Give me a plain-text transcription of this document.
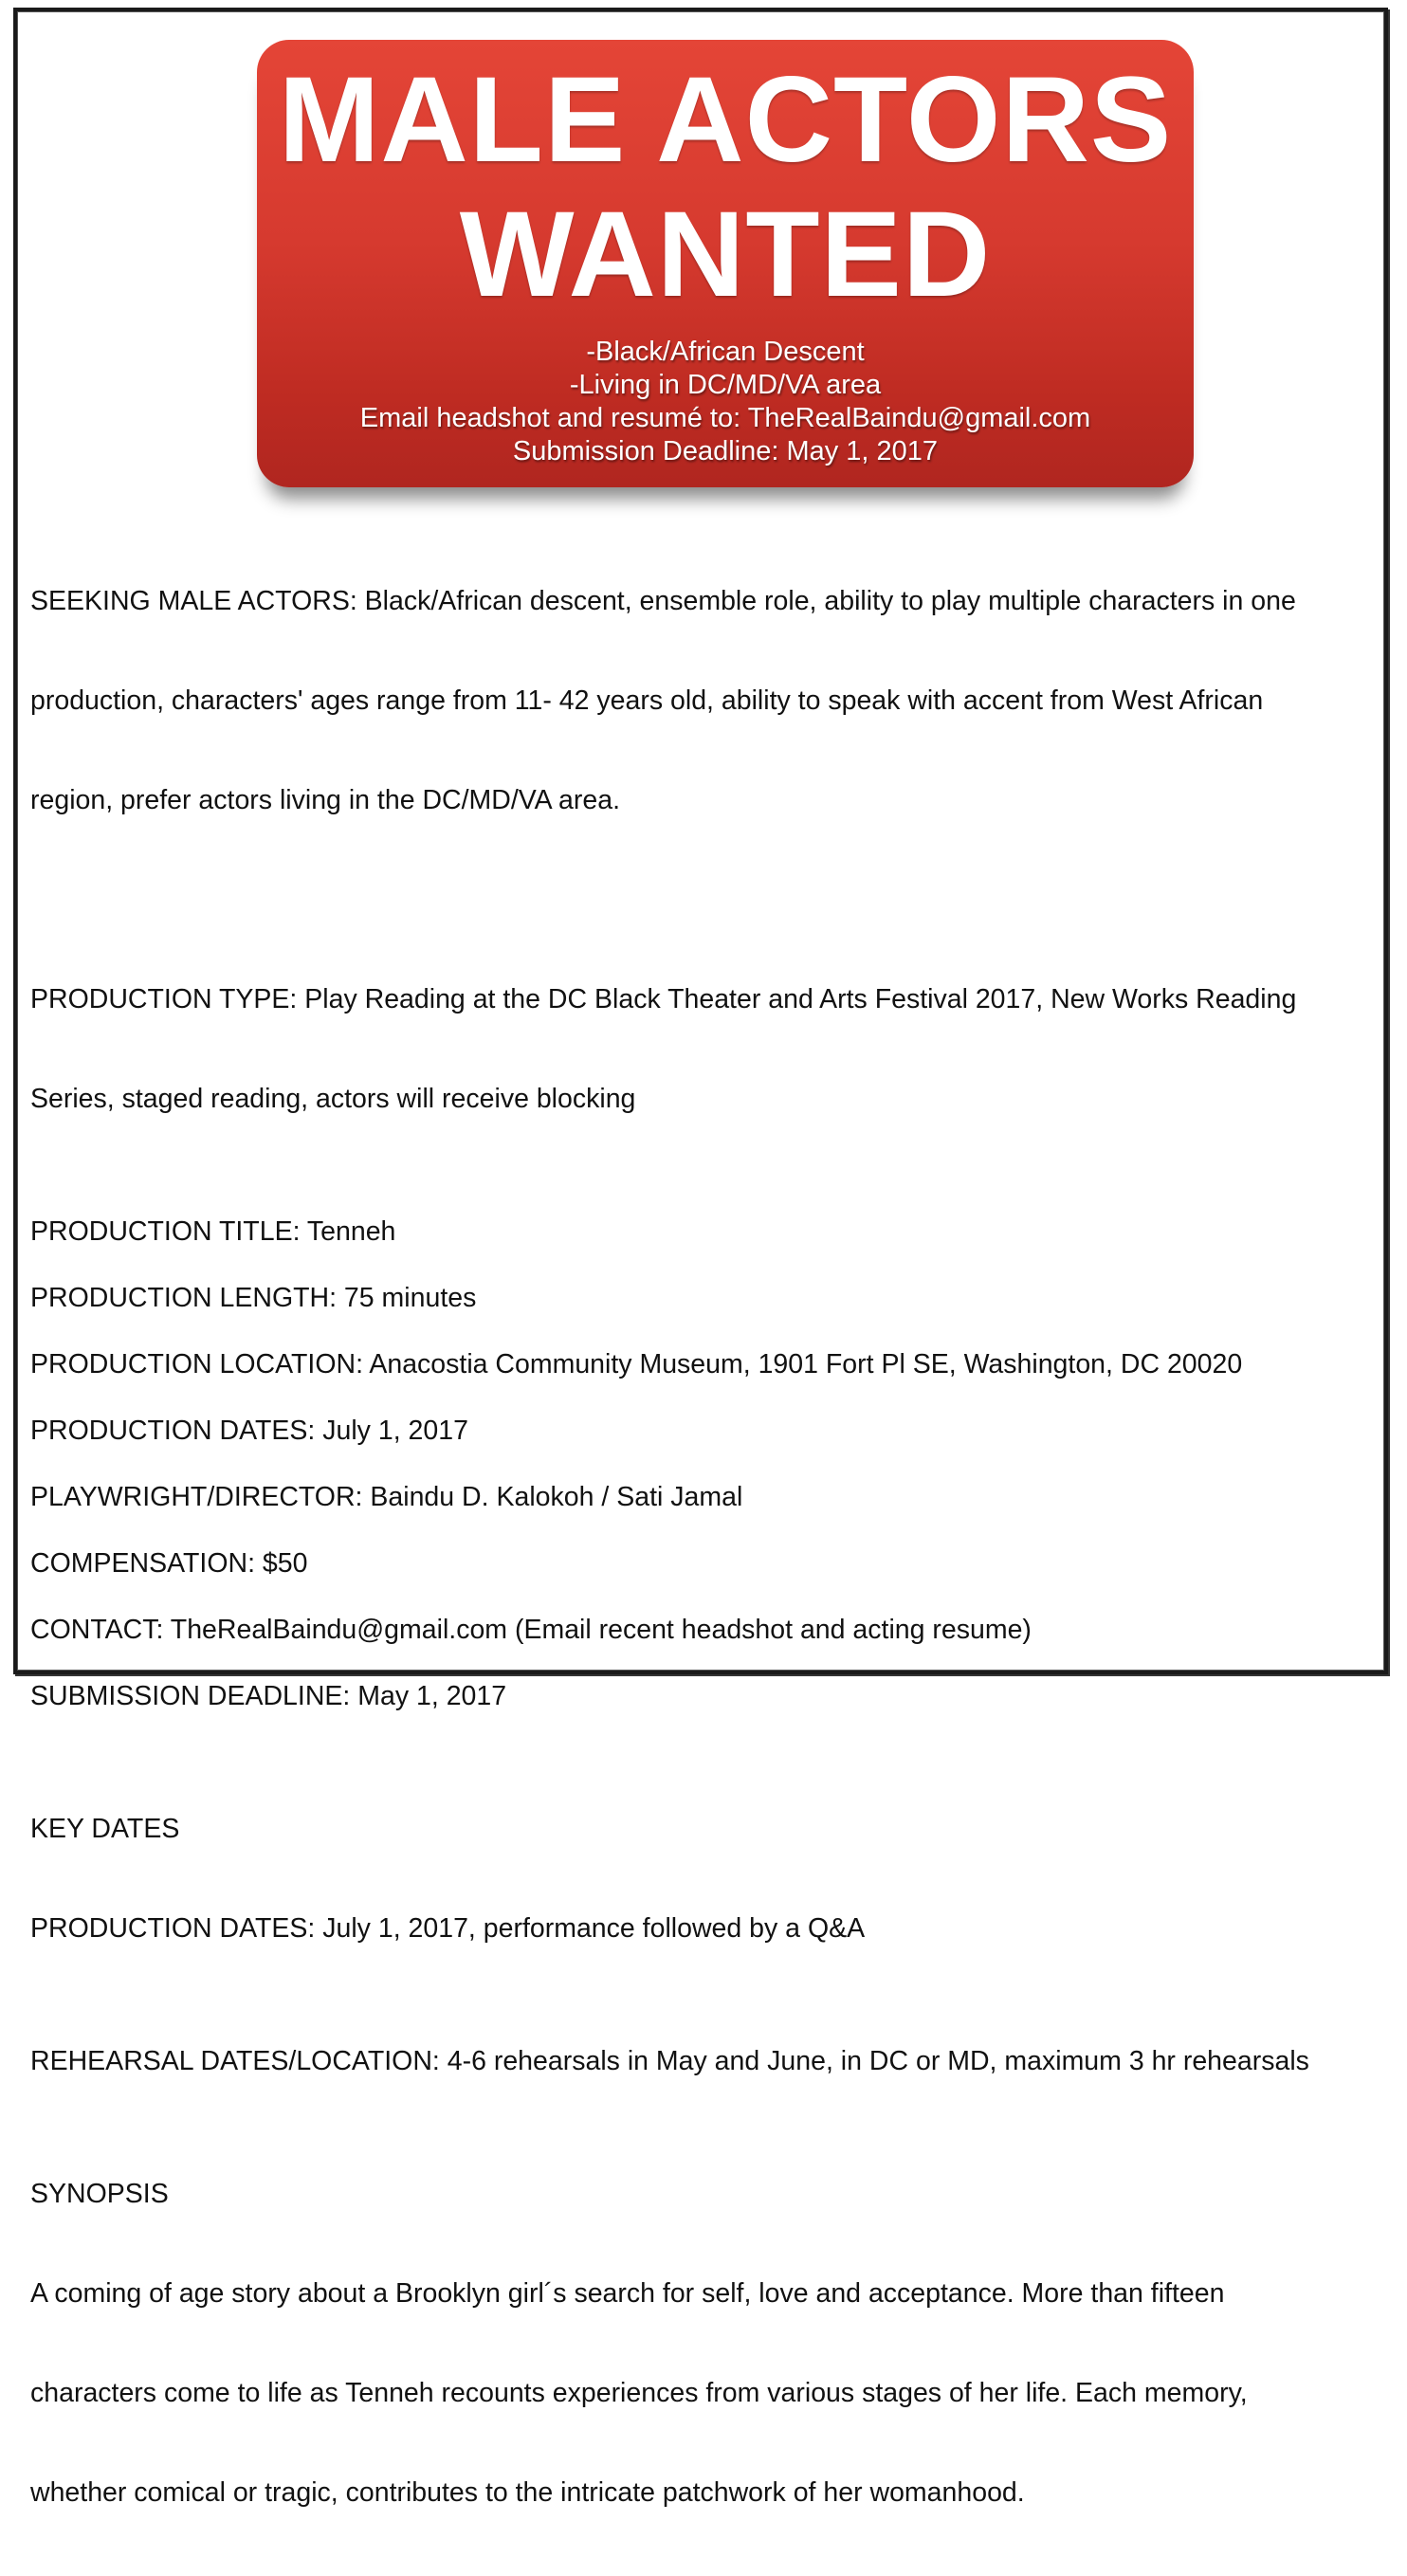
MALE ACTORS
WANTED
-Black/African Descent
-Living in DC/MD/VA area
Email headshot and resumé to: TheRealBaindu@gmail.com
Submission Deadline: May 1, 2017

SEEKING MALE ACTORS: Black/African descent, ensemble role, ability to play multiple characters in one

production, characters' ages range from 11- 42 years old, ability to speak with accent from West African

region, prefer actors living in the DC/MD/VA area.

PRODUCTION TYPE: Play Reading at the DC Black Theater and Arts Festival 2017, New Works Reading

Series, staged reading, actors will receive blocking

PRODUCTION TITLE: Tenneh
PRODUCTION LENGTH: 75 minutes
PRODUCTION LOCATION: Anacostia Community Museum, 1901 Fort Pl SE, Washington, DC 20020
PRODUCTION DATES: July 1, 2017
PLAYWRIGHT/DIRECTOR: Baindu D. Kalokoh / Sati Jamal
COMPENSATION: $50
CONTACT: TheRealBaindu@gmail.com (Email recent headshot and acting resume)
SUBMISSION DEADLINE: May 1, 2017

KEY DATES

PRODUCTION DATES: July 1, 2017, performance followed by a Q&A

REHEARSAL DATES/LOCATION: 4-6 rehearsals in May and June, in DC or MD, maximum 3 hr rehearsals

SYNOPSIS

A coming of age story about a Brooklyn girl´s search for self, love and acceptance. More than fifteen

characters come to life as Tenneh recounts experiences from various stages of her life. Each memory,

whether comical or tragic, contributes to the intricate patchwork of her womanhood.
